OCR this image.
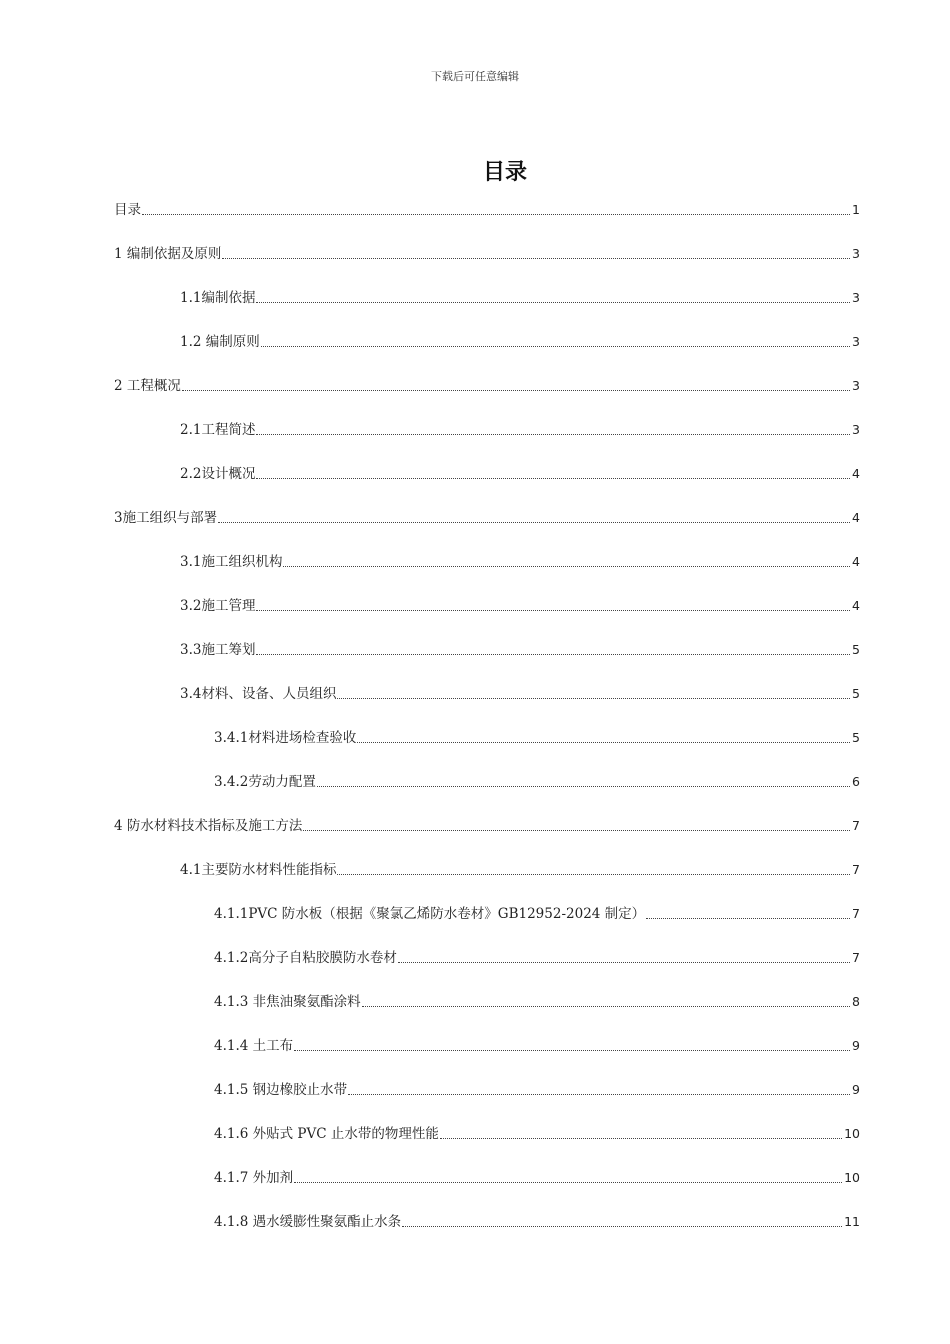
下载后可任意编辑
目录
目录	1
1 编制依据及原则	3
1.1编制依据	3
1.2 编制原则	3
2 工程概况	3
2.1工程简述	3
2.2设计概况	4
3施工组织与部署	4
3.1施工组织机构	4
3.2施工管理	4
3.3施工筹划	5
3.4材料、设备、人员组织	5
3.4.1材料进场检查验收	5
3.4.2劳动力配置	6
4 防水材料技术指标及施工方法	7
4.1主要防水材料性能指标	7
4.1.1PVC 防水板（根据《聚氯乙烯防水卷材》GB12952-2024 制定）	7
4.1.2高分子自粘胶膜防水卷材	7
4.1.3 非焦油聚氨酯涂料	8
4.1.4 土工布	9
4.1.5 钢边橡胶止水带	9
4.1.6 外贴式 PVC 止水带的物理性能	10
4.1.7 外加剂	10
4.1.8 遇水缓膨性聚氨酯止水条	11
